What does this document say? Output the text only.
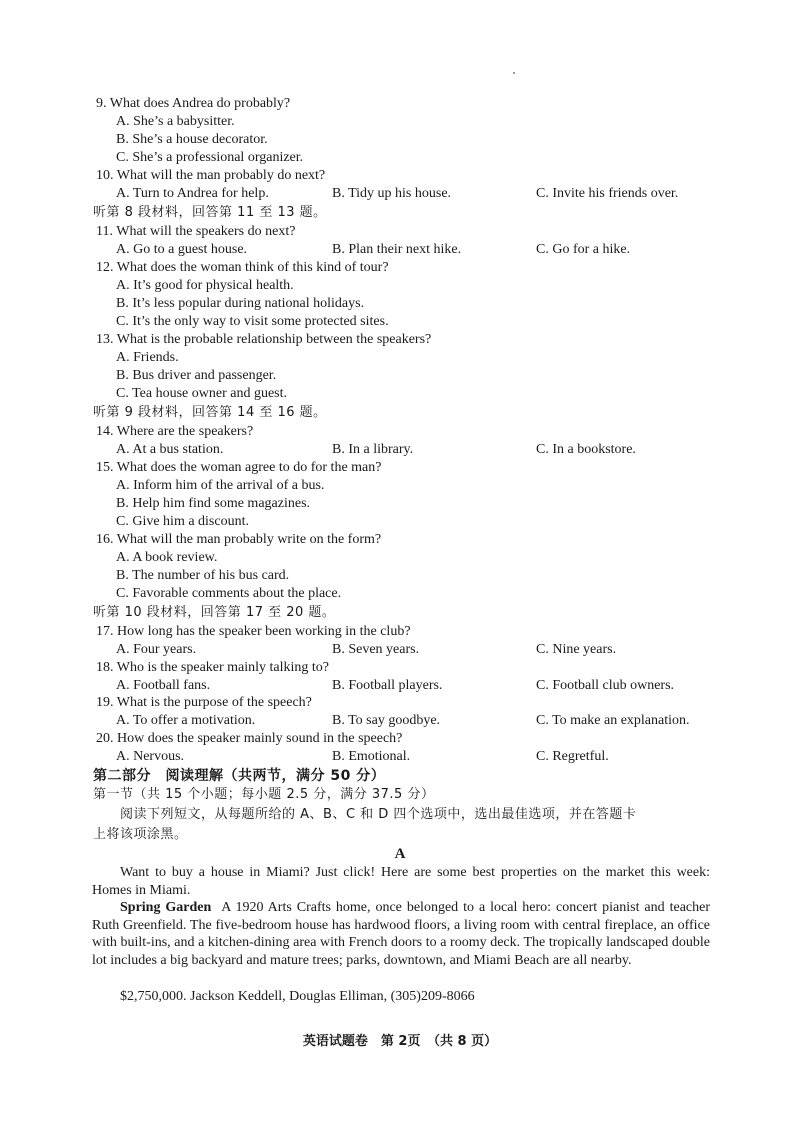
9. What does Andrea do probably?
A. She’s a babysitter.
B. She’s a house decorator.
C. She’s a professional organizer.
10. What will the man probably do next?
A. Turn to Andrea for help.	B. Tidy up his house.	C. Invite his friends over.
听第 8 段材料，回答第 11 至 13 题。
11. What will the speakers do next?
A. Go to a guest house.	B. Plan their next hike.	C. Go for a hike.
12. What does the woman think of this kind of tour?
A. It’s good for physical health.
B. It’s less popular during national holidays.
C. It’s the only way to visit some protected sites.
13. What is the probable relationship between the speakers?
A. Friends.
B. Bus driver and passenger.
C. Tea house owner and guest.
听第 9 段材料，回答第 14 至 16 题。
14. Where are the speakers?
A. At a bus station.	B. In a library.	C. In a bookstore.
15. What does the woman agree to do for the man?
A. Inform him of the arrival of a bus.
B. Help him find some magazines.
C. Give him a discount.
16. What will the man probably write on the form?
A. A book review.
B. The number of his bus card.
C. Favorable comments about the place.
听第 10 段材料，回答第 17 至 20 题。
17. How long has the speaker been working in the club?
A. Four years.	B. Seven years.	C. Nine years.
18. Who is the speaker mainly talking to?
A. Football fans.	B. Football players.	C. Football club owners.
19. What is the purpose of the speech?
A. To offer a motivation.	B. To say goodbye.	C. To make an explanation.
20. How does the speaker mainly sound in the speech?
A. Nervous.	B. Emotional.	C. Regretful.
第二部分　阅读理解（共两节，满分 50 分）
第一节（共 15 个小题；每小题 2.5 分，满分 37.5 分）
阅读下列短文，从每题所给的 A、B、C 和 D 四个选项中，选出最佳选项，并在答题卡
上将该项涂黑。
A
Want to buy a house in Miami? Just click! Here are some best properties on the market this week: Homes in Miami.
Spring Garden A 1920 Arts Crafts home, once belonged to a local hero: concert pianist and teacher Ruth Greenfield. The five-bedroom house has hardwood floors, a living room with central fireplace, an office with built-ins, and a kitchen-dining area with French doors to a roomy deck. The tropically landscaped double lot includes a big backyard and mature trees; parks, downtown, and Miami Beach are all nearby.
$2,750,000. Jackson Keddell, Douglas Elliman, (305)209-8066
英语试题卷　第 2页　（共 8 页）
